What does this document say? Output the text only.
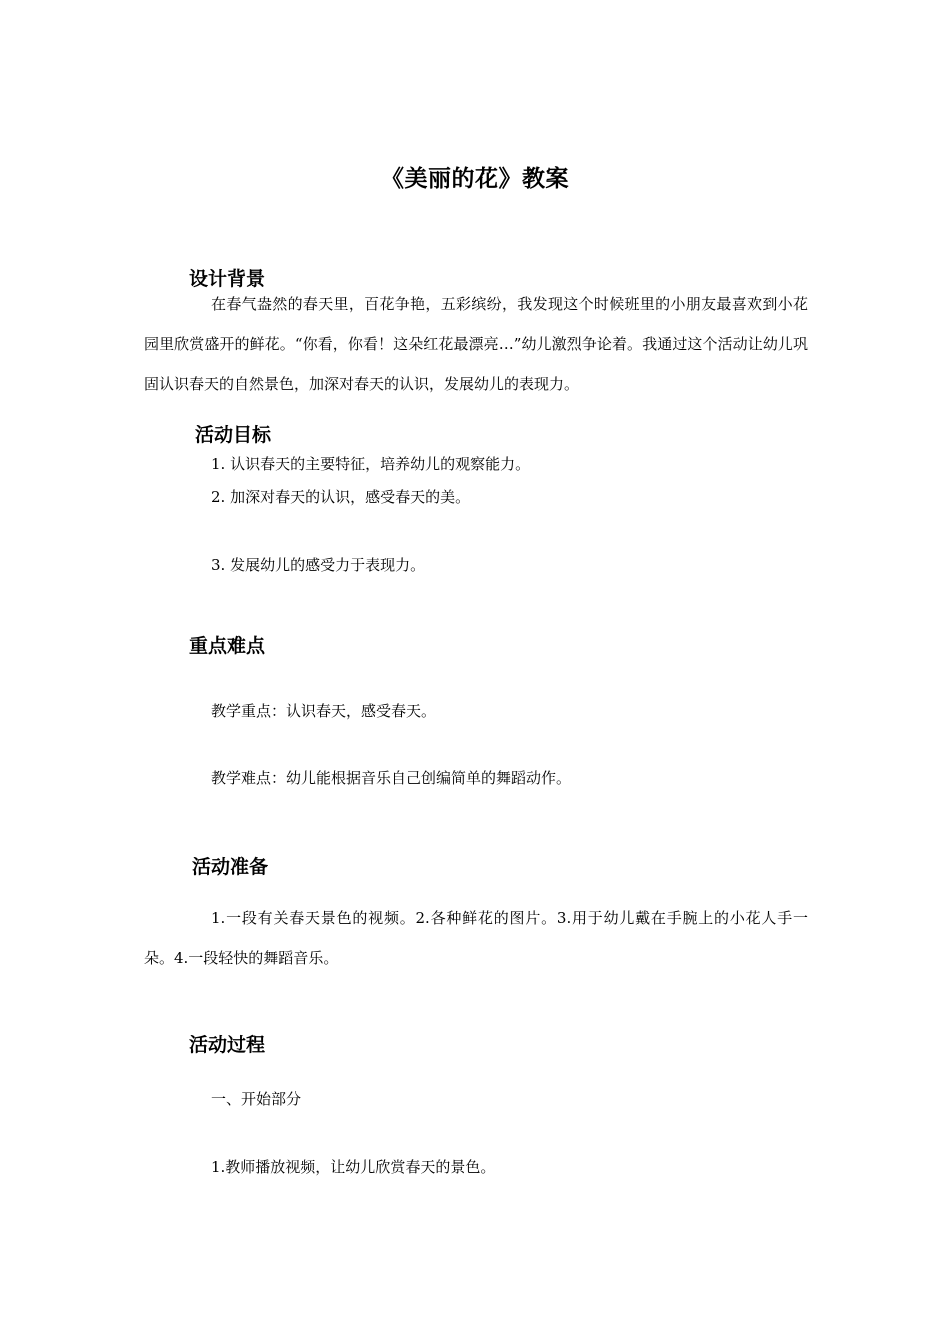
《美丽的花》教案
设计背景
在春气盎然的春天里，百花争艳，五彩缤纷，我发现这个时候班里的小朋友最喜欢到小花园里欣赏盛开的鲜花。“你看，你看！这朵红花最漂亮…”幼儿激烈争论着。我通过这个活动让幼儿巩固认识春天的自然景色，加深对春天的认识，发展幼儿的表现力。
活动目标
1. 认识春天的主要特征，培养幼儿的观察能力。
2. 加深对春天的认识，感受春天的美。
3. 发展幼儿的感受力于表现力。
重点难点
教学重点：认识春天，感受春天。
教学难点：幼儿能根据音乐自己创编简单的舞蹈动作。
活动准备
1.一段有关春天景色的视频。2.各种鲜花的图片。3.用于幼儿戴在手腕上的小花人手一朵。4.一段轻快的舞蹈音乐。
活动过程
一、开始部分
1.教师播放视频，让幼儿欣赏春天的景色。
